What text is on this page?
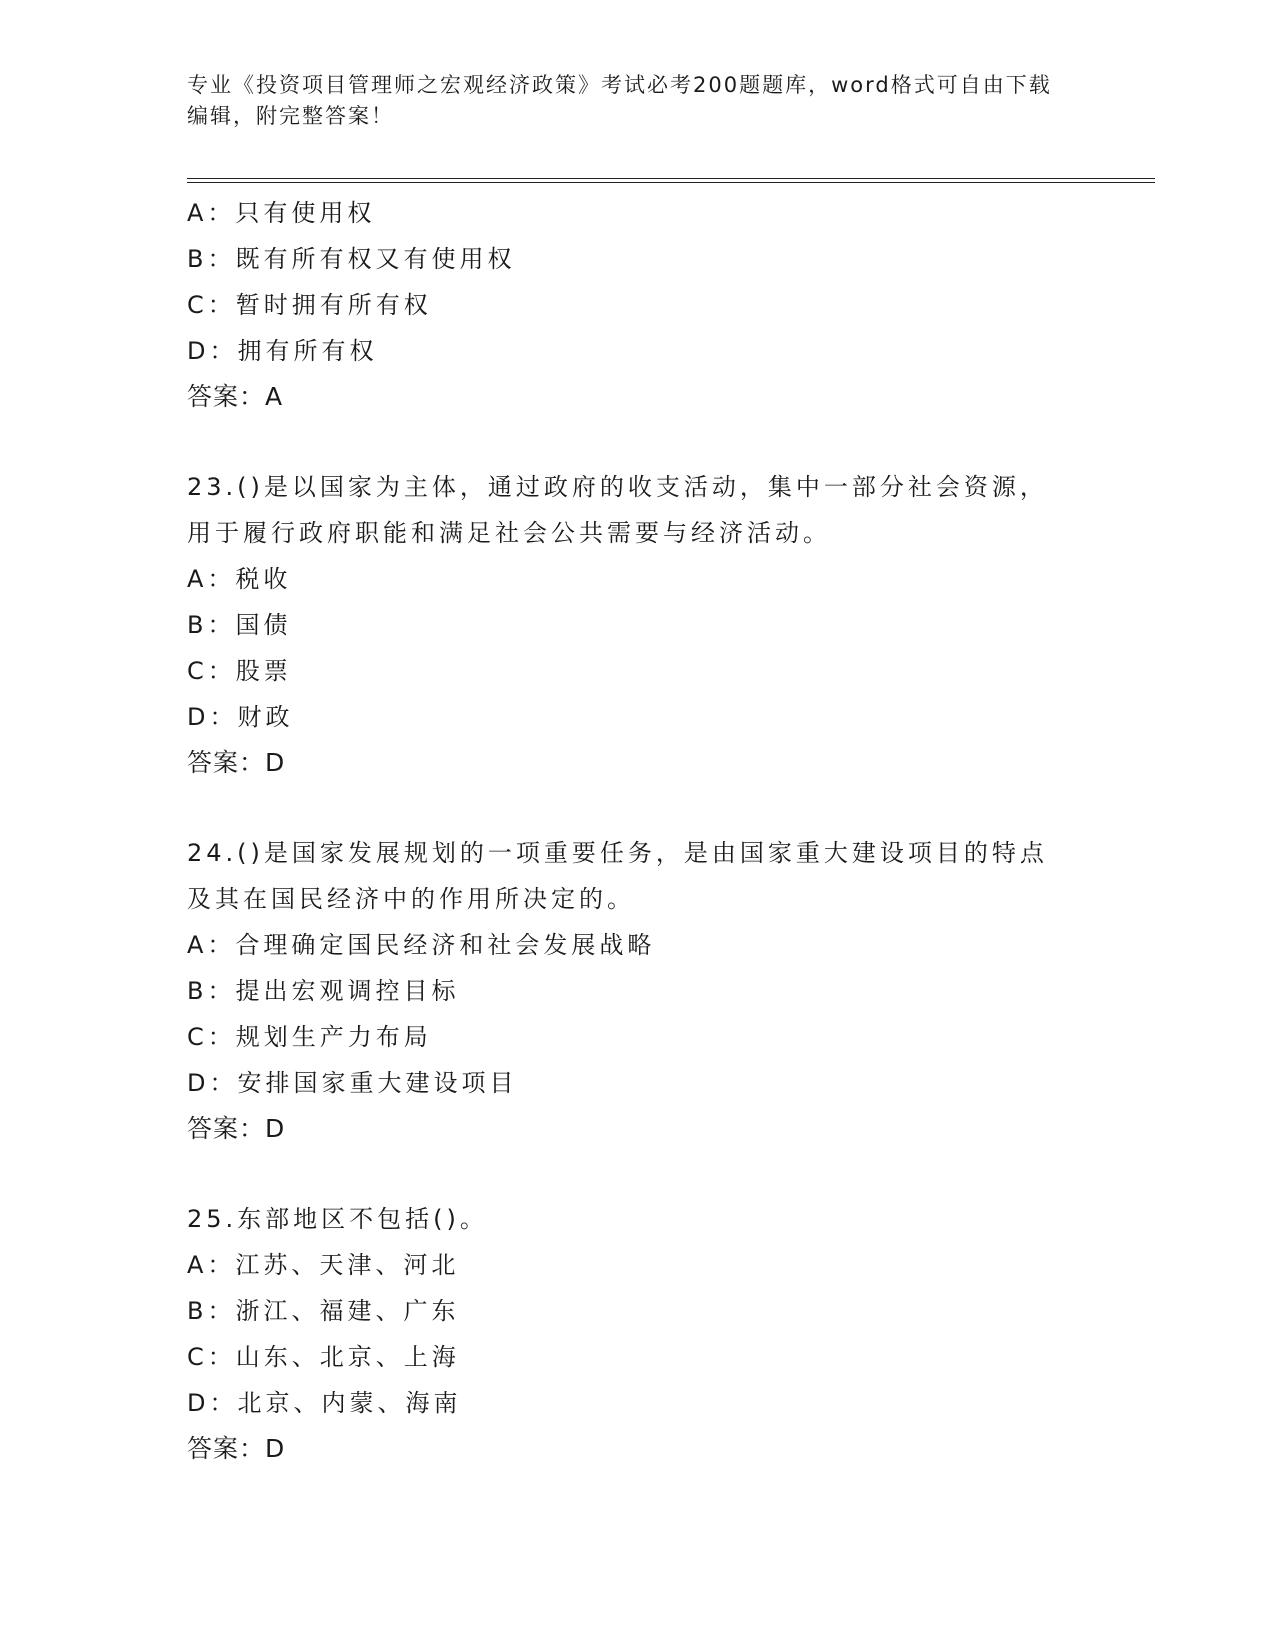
专业《投资项目管理师之宏观经济政策》考试必考200题题库，word格式可自由下载编辑，附完整答案！
A：只有使用权
B：既有所有权又有使用权
C：暂时拥有所有权
D：拥有所有权
答案：A
23.()是以国家为主体，通过政府的收支活动，集中一部分社会资源，
用于履行政府职能和满足社会公共需要与经济活动。
A：税收
B：国债
C：股票
D：财政
答案：D
24.()是国家发展规划的一项重要任务，是由国家重大建设项目的特点
及其在国民经济中的作用所决定的。
A：合理确定国民经济和社会发展战略
B：提出宏观调控目标
C：规划生产力布局
D：安排国家重大建设项目
答案：D
25.东部地区不包括()。
A：江苏、天津、河北
B：浙江、福建、广东
C：山东、北京、上海
D：北京、内蒙、海南
答案：D
